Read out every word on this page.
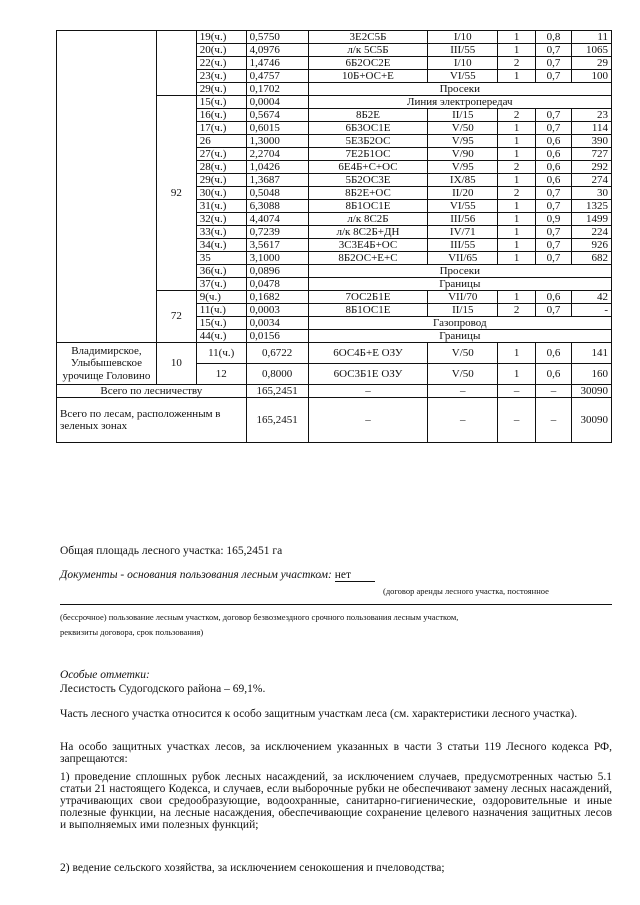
		19(ч.)	0,5750	3Е2С5Б	I/10	1	0,8	11
		20(ч.)	4,0976	л/к 5С5Б	III/55	1	0,7	1065
		22(ч.)	1,4746	6Б2ОС2Е	I/10	2	0,7	29
		23(ч.)	0,4757	10Б+ОС+Е	VI/55	1	0,7	100
		29(ч.)	0,1702	Просеки				
	92	15(ч.)	0,0004	Линия электропередач				
		16(ч.)	0,5674	8Б2Е	II/15	2	0,7	23
		17(ч.)	0,6015	6Б3ОС1Е	V/50	1	0,7	114
		26	1,3000	5Е3Б2ОС	V/95	1	0,6	390
		27(ч.)	2,2704	7Е2Б1ОС	V/90	1	0,6	727
		28(ч.)	1,0426	6Е4Б+С+ОС	V/95	2	0,6	292
		29(ч.)	1,3687	5Б2ОС3Е	IX/85	1	0,6	274
		30(ч.)	0,5048	8Б2Е+ОС	II/20	2	0,7	30
		31(ч.)	6,3088	8Б1ОС1Е	VI/55	1	0,7	1325
		32(ч.)	4,4074	л/к 8С2Б	III/56	1	0,9	1499
		33(ч.)	0,7239	л/к 8С2Б+ДН	IV/71	1	0,7	224
		34(ч.)	3,5617	3С3Е4Б+ОС	III/55	1	0,7	926
		35	3,1000	8Б2ОС+Е+С	VII/65	1	0,7	682
		36(ч.)	0,0896	Просеки				
		37(ч.)	0,0478	Границы				
	72	9(ч.)	0,1682	7ОС2Б1Е	VII/70	1	0,6	42
		11(ч.)	0,0003	8Б1ОС1Е	II/15	2	0,7	-
		15(ч.)	0,0034	Газопровод				
		44(ч.)	0,0156	Границы				
Владимирское, Улыбышевское урочище Головино	10	11(ч.)	0,6722	6ОС4Б+Е ОЗУ	V/50	1	0,6	141
		12	0,8000	6ОС3Б1Е ОЗУ	V/50	1	0,6	160
Всего по лесничеству			165,2451	–	–	–	–	30090
Всего по лесам, расположенным в зеленых зонах			165,2451	–	–	–	–	30090
Общая площадь лесного участка: 165,2451 га
Документы - основания пользования лесным участком: нет
(договор аренды лесного участка, постоянное
(бессрочное) пользование лесным участком, договор безвозмездного срочного пользования лесным участком,
реквизиты договора, срок пользования)
Особые отметки:
Лесистость Судогодского района – 69,1%.
Часть лесного участка относится к особо защитным участкам леса (см. характеристики лесного участка).
На особо защитных участках лесов, за исключением указанных в части 3 статьи 119 Лесного кодекса РФ, запрещаются:
1) проведение сплошных рубок лесных насаждений, за исключением случаев, предусмотренных частью 5.1 статьи 21 настоящего Кодекса, и случаев, если выборочные рубки не обеспечивают замену лесных насаждений, утрачивающих свои средообразующие, водоохранные, санитарно-гигиенические, оздоровительные и иные полезные функции, на лесные насаждения, обеспечивающие сохранение целевого назначения защитных лесов и выполняемых ими полезных функций;
2) ведение сельского хозяйства, за исключением сенокошения и пчеловодства;
